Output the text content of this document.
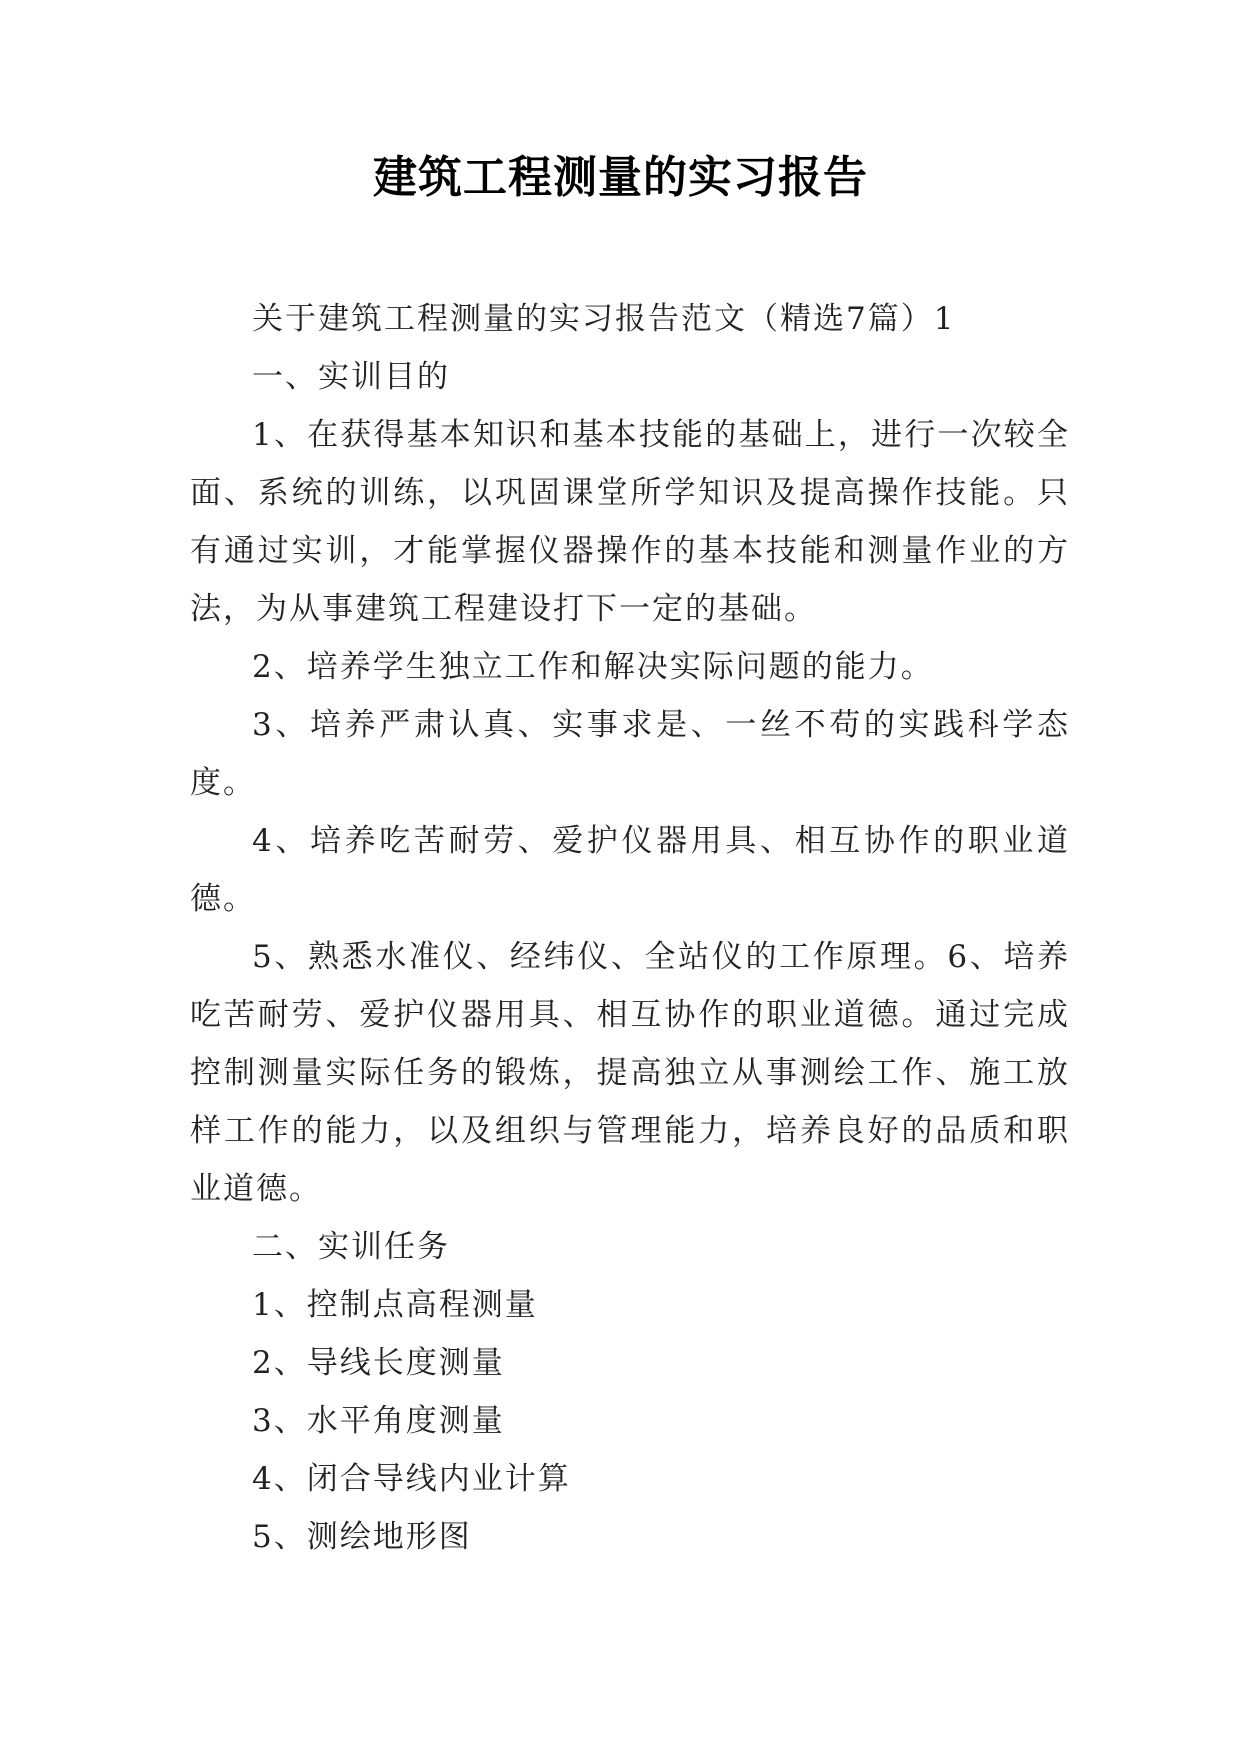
建筑工程测量的实习报告

关于建筑工程测量的实习报告范文（精选7篇）1

一、实训目的

1、在获得基本知识和基本技能的基础上，进行一次较全面、系统的训练，以巩固课堂所学知识及提高操作技能。只有通过实训，才能掌握仪器操作的基本技能和测量作业的方法，为从事建筑工程建设打下一定的基础。

2、培养学生独立工作和解决实际问题的能力。

3、培养严肃认真、实事求是、一丝不苟的实践科学态度。

4、培养吃苦耐劳、爱护仪器用具、相互协作的职业道德。

5、熟悉水准仪、经纬仪、全站仪的工作原理。6、培养吃苦耐劳、爱护仪器用具、相互协作的职业道德。通过完成控制测量实际任务的锻炼，提高独立从事测绘工作、施工放样工作的能力，以及组织与管理能力，培养良好的品质和职业道德。

二、实训任务

1、控制点高程测量

2、导线长度测量

3、水平角度测量

4、闭合导线内业计算

5、测绘地形图
